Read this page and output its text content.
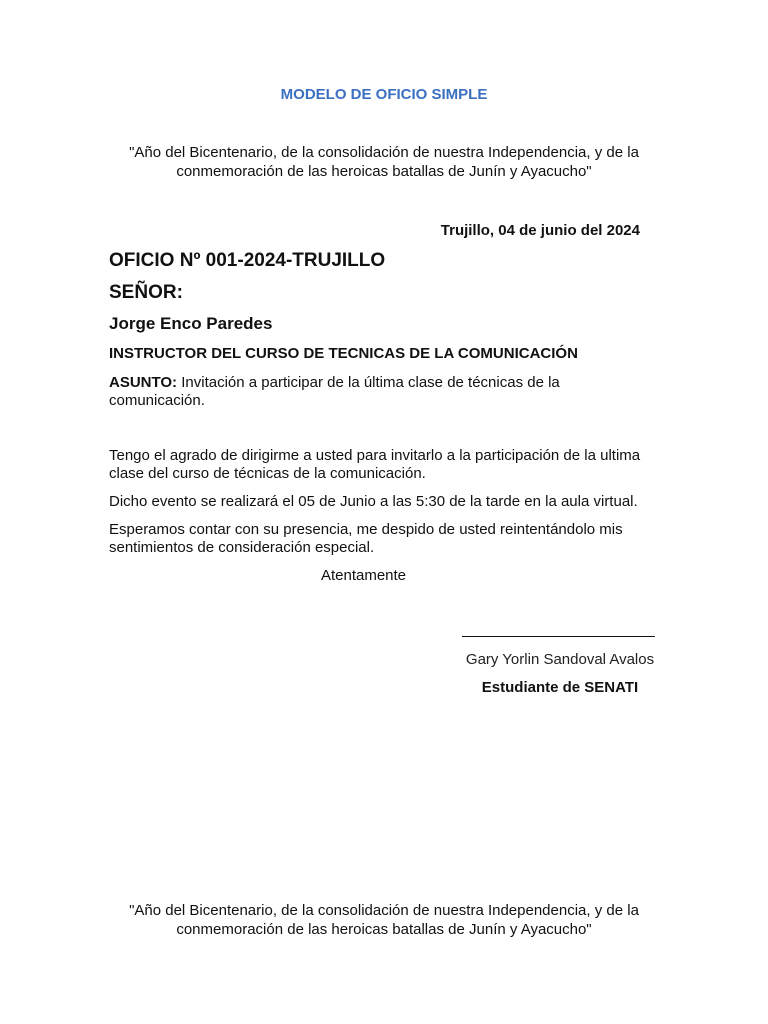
MODELO DE OFICIO SIMPLE
"Año del Bicentenario, de la consolidación de nuestra Independencia, y de la conmemoración de las heroicas batallas de Junín y Ayacucho"
Trujillo, 04 de junio del 2024
OFICIO Nº 001-2024-TRUJILLO
SEÑOR:
Jorge Enco Paredes
INSTRUCTOR DEL CURSO DE TECNICAS DE LA COMUNICACIÓN
ASUNTO: Invitación a participar de la última clase de técnicas de la comunicación.
Tengo el agrado de dirigirme a usted para invitarlo a la participación de la ultima clase del curso de técnicas de la comunicación.
Dicho evento se realizará el 05 de Junio a las 5:30 de la tarde en la aula virtual.
Esperamos contar con su presencia, me despido de usted reintentándolo mis sentimientos de consideración especial.
Atentamente
Gary Yorlin Sandoval Avalos
Estudiante de SENATI
"Año del Bicentenario, de la consolidación de nuestra Independencia, y de la conmemoración de las heroicas batallas de Junín y Ayacucho"
